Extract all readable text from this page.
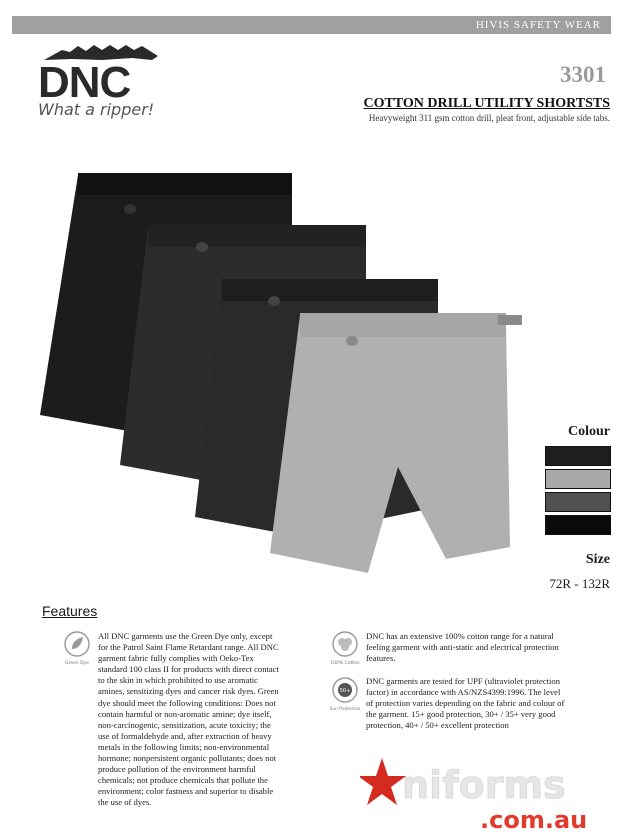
HIVIS SAFETY WEAR
DNC
What a ripper!
3301
COTTON DRILL UTILITY SHORTSTS
Heavyweight 311 gsm cotton drill, pleat front, adjustable side tabs.
Colour
Size
72R - 132R
Features
Green Dye
All DNC garments use the Green Dye only, except
for the Patrol Saint Flame Retardant range. All DNC
garment fabric fully complies with Oeko-Tex
standard 100 class II for products with direct contact
to the skin in which prohibited to use aromatic
amines, sensitizing dyes and cancer risk dyes. Green
dye should meet the following conditions: Does not
contain harmful or non-aromatic amine; dye itself,
non-carcinogenic, sensitization, acute toxicity; the
use of formaldehyde and, after extraction of heavy
metals in the following limits; non-environmental
hormone; nonpersistent organic pollutants; does not
produce pollution of the environment harmful
chemicals; not produce chemicals that pollute the
environment; color fastness and superior to disable
the use of dyes.
100% Cotton
DNC has an extensive 100% cotton range for a natural
feeling garment with anti-static and electrical protection
features.
50+
Sun Protection
DNC garments are tested for UPF (ultraviolet protection
factor) in accordance with AS/NZS4399:1996. The level
of protection varies depending on the fabric and colour of
the garment. 15+ good protection, 30+ / 35+ very good
protection, 40+ / 50+ excellent protection
niforms
.com.au
